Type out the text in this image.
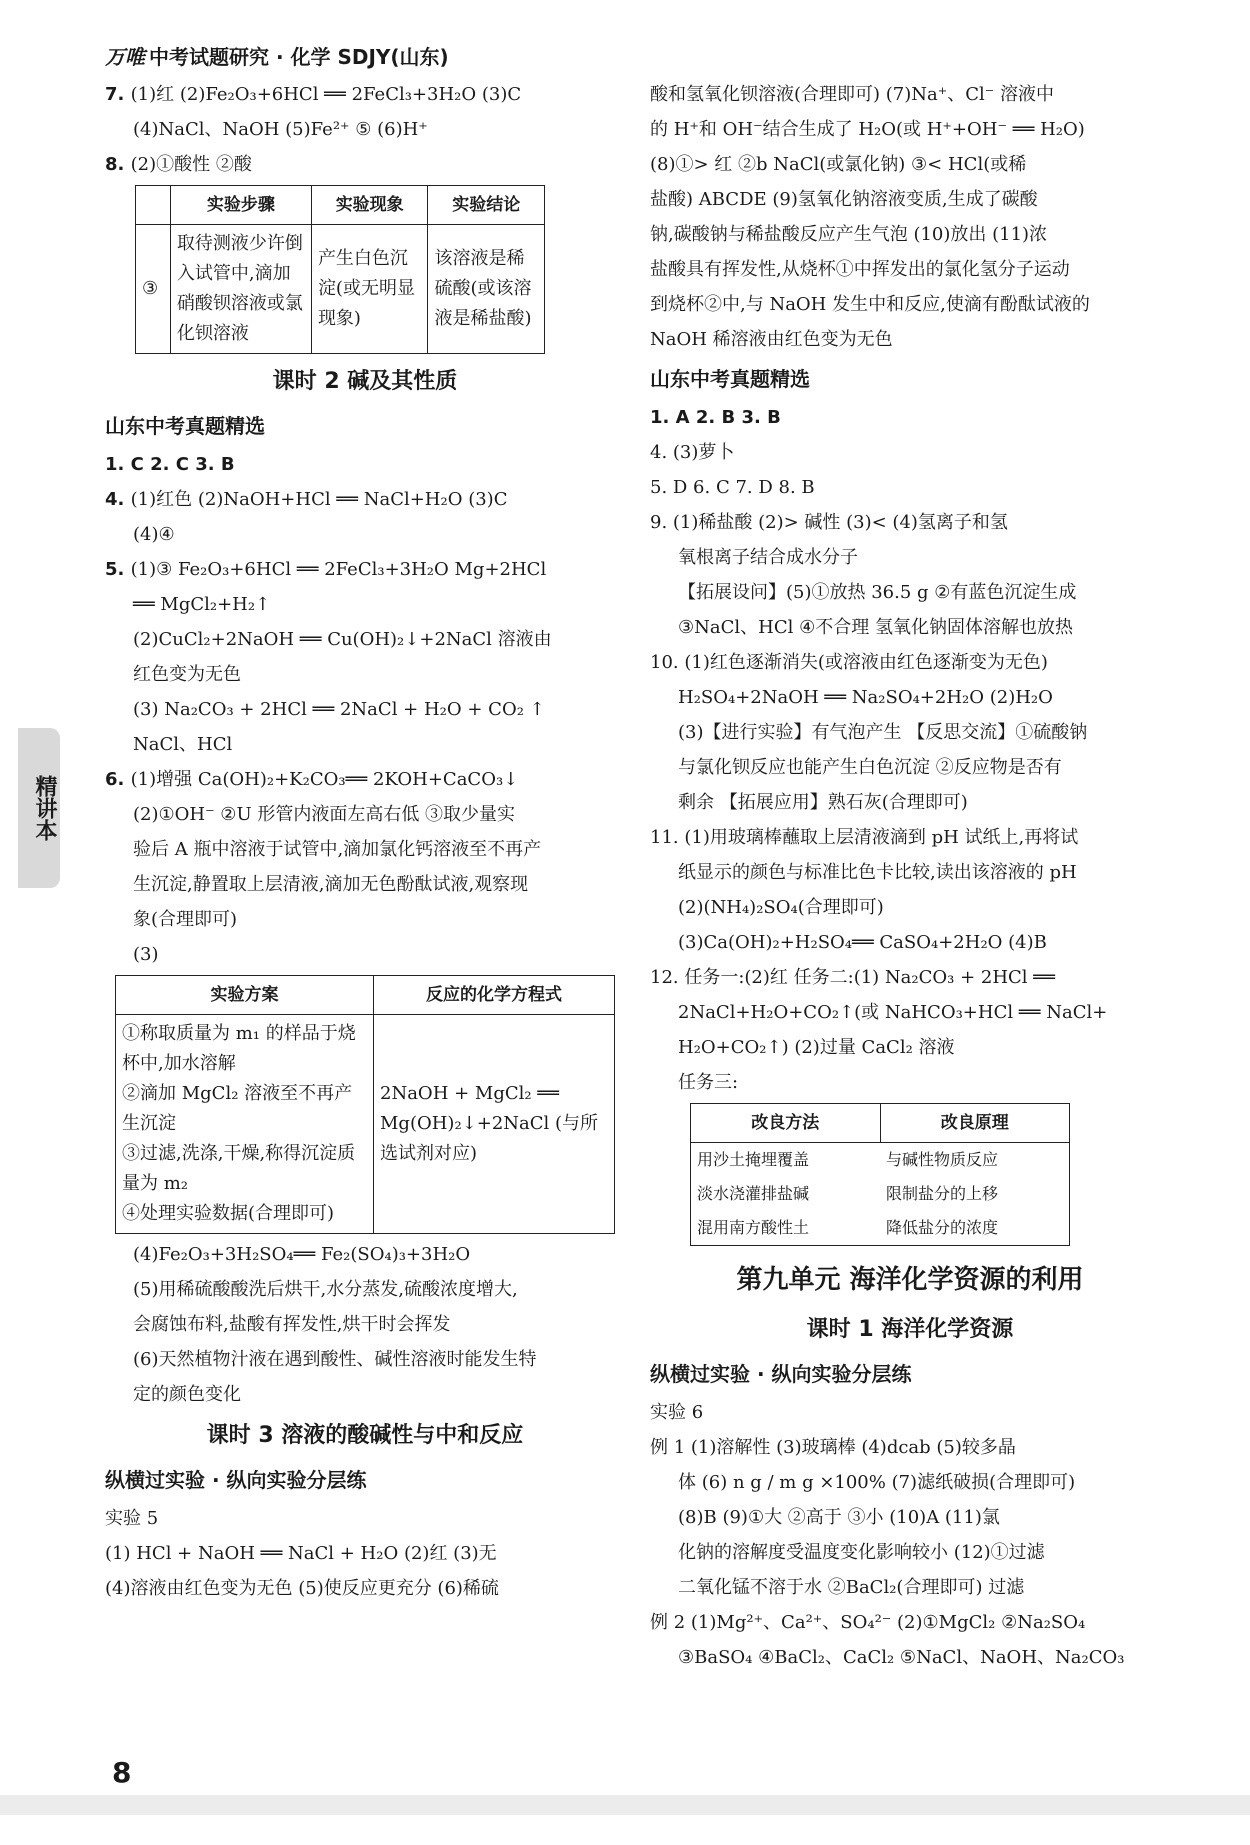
万唯 中考试题研究 · 化学 SDJY(山东)
精讲本
7. (1)红 (2)Fe₂O₃+6HCl ══ 2FeCl₃+3H₂O (3)C
(4)NaCl、NaOH (5)Fe²⁺ ⑤ (6)H⁺
8. (2)①酸性 ②酸
	实验步骤	实验现象	实验结论
③	取待测液少许倒入试管中,滴加硝酸钡溶液或氯化钡溶液	产生白色沉淀(或无明显现象)	该溶液是稀硫酸(或该溶液是稀盐酸)
课时 2 碱及其性质
山东中考真题精选
1. C 2. C 3. B
4. (1)红色 (2)NaOH+HCl ══ NaCl+H₂O (3)C
(4)④
5. (1)③ Fe₂O₃+6HCl ══ 2FeCl₃+3H₂O Mg+2HCl
══ MgCl₂+H₂↑
(2)CuCl₂+2NaOH ══ Cu(OH)₂↓+2NaCl 溶液由
红色变为无色
(3) Na₂CO₃ + 2HCl ══ 2NaCl + H₂O + CO₂ ↑
NaCl、HCl
6. (1)增强 Ca(OH)₂+K₂CO₃══ 2KOH+CaCO₃↓
(2)①OH⁻ ②U 形管内液面左高右低 ③取少量实
验后 A 瓶中溶液于试管中,滴加氯化钙溶液至不再产
生沉淀,静置取上层清液,滴加无色酚酞试液,观察现
象(合理即可)
(3)
实验方案	反应的化学方程式

①称取质量为 m₁ 的样品于烧杯中,加水溶解
②滴加 MgCl₂ 溶液至不再产生沉淀
③过滤,洗涤,干燥,称得沉淀质量为 m₂
④处理实验数据(合理即可)	2NaOH + MgCl₂ ══ Mg(OH)₂↓+2NaCl (与所选试剂对应)
(4)Fe₂O₃+3H₂SO₄══ Fe₂(SO₄)₃+3H₂O
(5)用稀硫酸酸洗后烘干,水分蒸发,硫酸浓度增大,
会腐蚀布料,盐酸有挥发性,烘干时会挥发
(6)天然植物汁液在遇到酸性、碱性溶液时能发生特
定的颜色变化
课时 3 溶液的酸碱性与中和反应
纵横过实验 · 纵向实验分层练
实验 5
(1) HCl + NaOH ══ NaCl + H₂O (2)红 (3)无
(4)溶液由红色变为无色 (5)使反应更充分 (6)稀硫
酸和氢氧化钡溶液(合理即可) (7)Na⁺、Cl⁻ 溶液中
的 H⁺和 OH⁻结合生成了 H₂O(或 H⁺+OH⁻ ══ H₂O)
(8)①> 红 ②b NaCl(或氯化钠) ③< HCl(或稀
盐酸) ABCDE (9)氢氧化钠溶液变质,生成了碳酸
钠,碳酸钠与稀盐酸反应产生气泡 (10)放出 (11)浓
盐酸具有挥发性,从烧杯①中挥发出的氯化氢分子运动
到烧杯②中,与 NaOH 发生中和反应,使滴有酚酞试液的
NaOH 稀溶液由红色变为无色
山东中考真题精选
1. A 2. B 3. B
4. (3)萝卜
5. D 6. C 7. D 8. B
9. (1)稀盐酸 (2)> 碱性 (3)< (4)氢离子和氢
氧根离子结合成水分子
【拓展设问】(5)①放热 36.5 g ②有蓝色沉淀生成
③NaCl、HCl ④不合理 氢氧化钠固体溶解也放热
10. (1)红色逐渐消失(或溶液由红色逐渐变为无色)
H₂SO₄+2NaOH ══ Na₂SO₄+2H₂O (2)H₂O
(3)【进行实验】有气泡产生 【反思交流】①硫酸钠
与氯化钡反应也能产生白色沉淀 ②反应物是否有
剩余 【拓展应用】熟石灰(合理即可)
11. (1)用玻璃棒蘸取上层清液滴到 pH 试纸上,再将试
纸显示的颜色与标准比色卡比较,读出该溶液的 pH
(2)(NH₄)₂SO₄(合理即可)
(3)Ca(OH)₂+H₂SO₄══ CaSO₄+2H₂O (4)B
12. 任务一:(2)红 任务二:(1) Na₂CO₃ + 2HCl ══
2NaCl+H₂O+CO₂↑(或 NaHCO₃+HCl ══ NaCl+
H₂O+CO₂↑) (2)过量 CaCl₂ 溶液
任务三:
改良方法	改良原理
用沙土掩埋覆盖	与碱性物质反应
淡水浇灌排盐碱	限制盐分的上移
混用南方酸性土	降低盐分的浓度
第九单元 海洋化学资源的利用
课时 1 海洋化学资源
纵横过实验 · 纵向实验分层练
实验 6
例 1 (1)溶解性 (3)玻璃棒 (4)dcab (5)较多晶
体 (6) n g / m g ×100% (7)滤纸破损(合理即可)
(8)B (9)①大 ②高于 ③小 (10)A (11)氯
化钠的溶解度受温度变化影响较小 (12)①过滤
二氧化锰不溶于水 ②BaCl₂(合理即可) 过滤
例 2 (1)Mg²⁺、Ca²⁺、SO₄²⁻ (2)①MgCl₂ ②Na₂SO₄
③BaSO₄ ④BaCl₂、CaCl₂ ⑤NaCl、NaOH、Na₂CO₃
8
